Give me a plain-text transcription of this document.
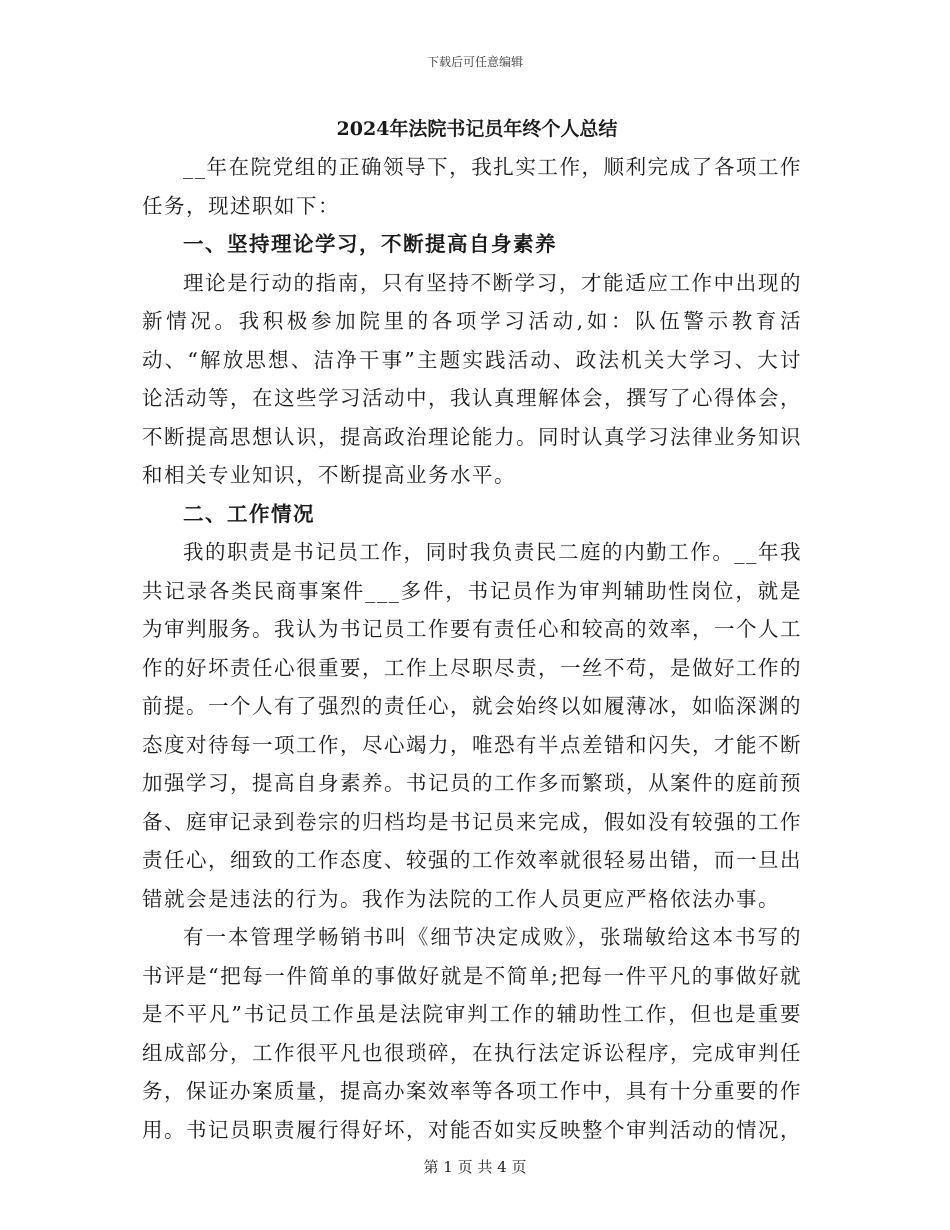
下载后可任意编辑
2024年法院书记员年终个人总结

__年在院党组的正确领导下，我扎实工作，顺利完成了各项工作任务，现述职如下：

一、坚持理论学习，不断提高自身素养

理论是行动的指南，只有坚持不断学习，才能适应工作中出现的新情况。我积极参加院里的各项学习活动,如：队伍警示教育活动、“解放思想、洁净干事”主题实践活动、政法机关大学习、大讨论活动等，在这些学习活动中，我认真理解体会，撰写了心得体会，不断提高思想认识，提高政治理论能力。同时认真学习法律业务知识和相关专业知识，不断提高业务水平。

二、工作情况

我的职责是书记员工作，同时我负责民二庭的内勤工作。__年我共记录各类民商事案件___多件，书记员作为审判辅助性岗位，就是为审判服务。我认为书记员工作要有责任心和较高的效率，一个人工作的好坏责任心很重要，工作上尽职尽责，一丝不苟，是做好工作的前提。一个人有了强烈的责任心，就会始终以如履薄冰，如临深渊的态度对待每一项工作，尽心竭力，唯恐有半点差错和闪失，才能不断加强学习，提高自身素养。书记员的工作多而繁琐，从案件的庭前预备、庭审记录到卷宗的归档均是书记员来完成，假如没有较强的工作责任心，细致的工作态度、较强的工作效率就很轻易出错，而一旦出错就会是违法的行为。我作为法院的工作人员更应严格依法办事。

有一本管理学畅销书叫《细节决定成败》，张瑞敏给这本书写的书评是“把每一件简单的事做好就是不简单;把每一件平凡的事做好就是不平凡”书记员工作虽是法院审判工作的辅助性工作，但也是重要组成部分，工作很平凡也很琐碎，在执行法定诉讼程序，完成审判任务，保证办案质量，提高办案效率等各项工作中，具有十分重要的作用。书记员职责履行得好坏，对能否如实反映整个审判活动的情况，

第 1 页 共 4 页
